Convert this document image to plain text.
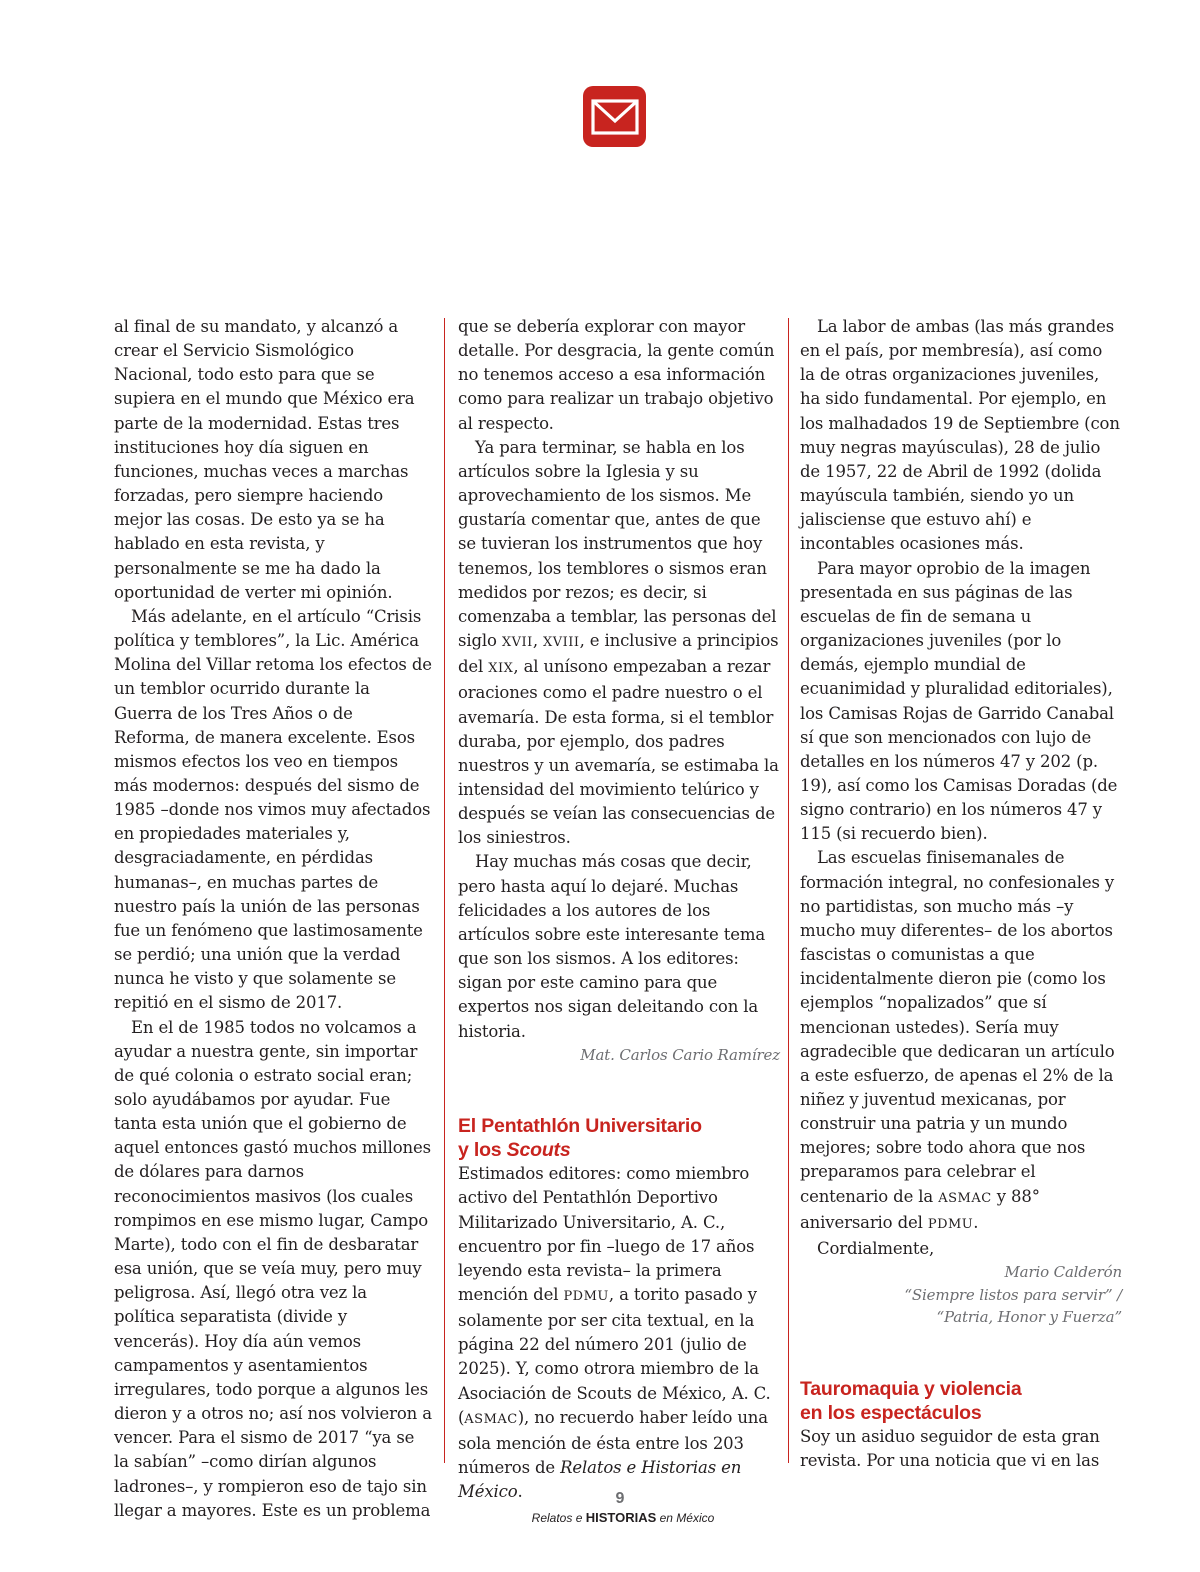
al final de su mandato, y alcanzó a crear el Servicio Sismológico Nacional, todo esto para que se supiera en el mundo que México era parte de la modernidad. Estas tres instituciones hoy día siguen en funciones, muchas veces a marchas forzadas, pero siempre haciendo mejor las cosas. De esto ya se ha hablado en esta revista, y personalmente se me ha dado la oportunidad de verter mi opinión.

Más adelante, en el artículo “Crisis política y temblores”, la Lic. América Molina del Villar retoma los efectos de un temblor ocurrido durante la Guerra de los Tres Años o de Reforma, de manera excelente. Esos mismos efectos los veo en tiempos más modernos: después del sismo de 1985 –donde nos vimos muy afectados en propiedades materiales y, desgraciadamente, en pérdidas humanas–, en muchas partes de nuestro país la unión de las personas fue un fenómeno que lastimosamente se perdió; una unión que la verdad nunca he visto y que solamente se repitió en el sismo de 2017.

En el de 1985 todos no volcamos a ayudar a nuestra gente, sin importar de qué colonia o estrato social eran; solo ayudábamos por ayudar. Fue tanta esta unión que el gobierno de aquel entonces gastó muchos millones de dólares para darnos reconocimientos masivos (los cuales rompimos en ese mismo lugar, Campo Marte), todo con el fin de desbaratar esa unión, que se veía muy, pero muy peligrosa. Así, llegó otra vez la política separatista (divide y vencerás). Hoy día aún vemos campamentos y asentamientos irregulares, todo porque a algunos les dieron y a otros no; así nos volvieron a vencer. Para el sismo de 2017 “ya se la sabían” –como dirían algunos ladrones–, y rompieron eso de tajo sin llegar a mayores. Este es un problema

que se debería explorar con mayor detalle. Por desgracia, la gente común no tenemos acceso a esa información como para realizar un trabajo objetivo al respecto.

Ya para terminar, se habla en los artículos sobre la Iglesia y su aprovechamiento de los sismos. Me gustaría comentar que, antes de que se tuvieran los instrumentos que hoy tenemos, los temblores o sismos eran medidos por rezos; es decir, si comenzaba a temblar, las personas del siglo XVII, XVIII, e inclusive a principios del XIX, al unísono empezaban a rezar oraciones como el padre nuestro o el avemaría. De esta forma, si el temblor duraba, por ejemplo, dos padres nuestros y un avemaría, se estimaba la intensidad del movimiento telúrico y después se veían las consecuencias de los siniestros.

Hay muchas más cosas que decir, pero hasta aquí lo dejaré. Muchas felicidades a los autores de los artículos sobre este interesante tema que son los sismos. A los editores: sigan por este camino para que expertos nos sigan deleitando con la historia.

Mat. Carlos Cario Ramírez

El Pentathlón Universitario
y los Scouts

Estimados editores: como miembro activo del Pentathlón Deportivo Militarizado Universitario, A. C., encuentro por fin –luego de 17 años leyendo esta revista– la primera mención del PDMU, a torito pasado y solamente por ser cita textual, en la página 22 del número 201 (julio de 2025). Y, como otrora miembro de la Asociación de Scouts de México, A. C. (ASMAC), no recuerdo haber leído una sola mención de ésta entre los 203 números de Relatos e Historias en México.

La labor de ambas (las más grandes en el país, por membresía), así como la de otras organizaciones juveniles, ha sido fundamental. Por ejemplo, en los malhadados 19 de Septiembre (con muy negras mayúsculas), 28 de julio de 1957, 22 de Abril de 1992 (dolida mayúscula también, siendo yo un jalisciense que estuvo ahí) e incontables ocasiones más.

Para mayor oprobio de la imagen presentada en sus páginas de las escuelas de fin de semana u organizaciones juveniles (por lo demás, ejemplo mundial de ecuanimidad y pluralidad editoriales), los Camisas Rojas de Garrido Canabal sí que son mencionados con lujo de detalles en los números 47 y 202 (p. 19), así como los Camisas Doradas (de signo contrario) en los números 47 y 115 (si recuerdo bien).

Las escuelas finisemanales de formación integral, no confesionales y no partidistas, son mucho más –y mucho muy diferentes– de los abortos fascistas o comunistas a que incidentalmente dieron pie (como los ejemplos “nopalizados” que sí mencionan ustedes). Sería muy agradecible que dedicaran un artículo a este esfuerzo, de apenas el 2% de la niñez y juventud mexicanas, por construir una patria y un mundo mejores; sobre todo ahora que nos preparamos para celebrar el centenario de la ASMAC y 88° aniversario del PDMU.

Cordialmente,

Mario Calderón
“Siempre listos para servir” /
“Patria, Honor y Fuerza”
Tauromaquia y violencia
en los espectáculos

Soy un asiduo seguidor de esta gran revista. Por una noticia que vi en las

9
Relatos e HISTORIAS en México
